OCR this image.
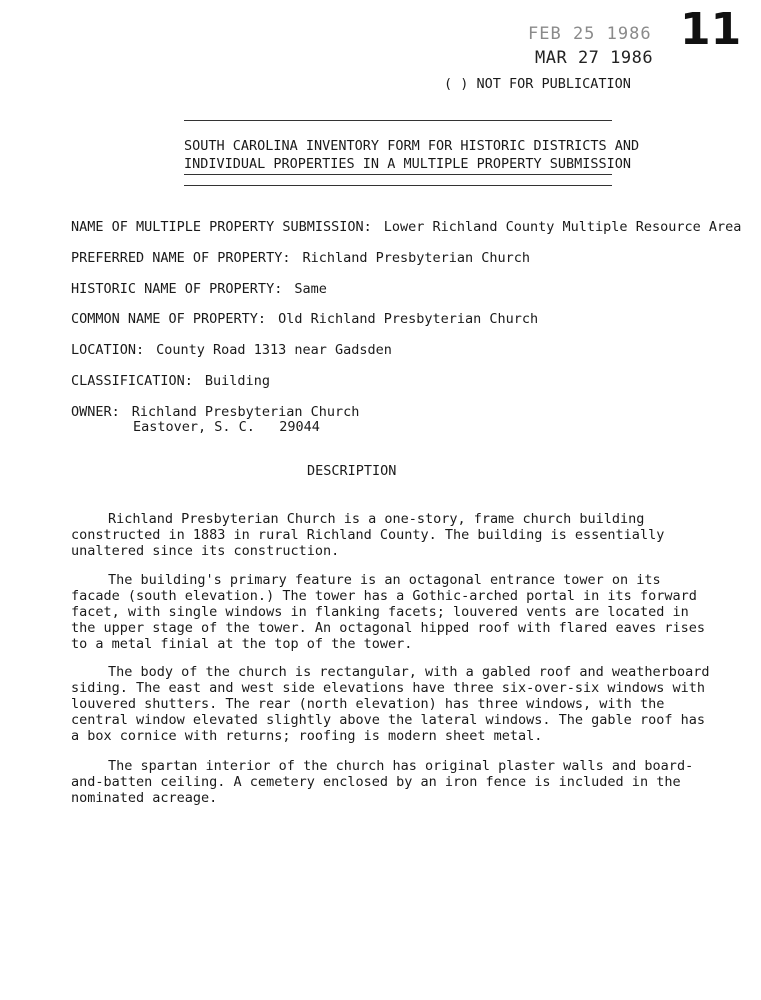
FEB 25 1986
MAR 27 1986
11
( ) NOT FOR PUBLICATION
SOUTH CAROLINA INVENTORY FORM FOR HISTORIC DISTRICTS AND
INDIVIDUAL PROPERTIES IN A MULTIPLE PROPERTY SUBMISSION
NAME OF MULTIPLE PROPERTY SUBMISSION: Lower Richland County Multiple Resource Area
PREFERRED NAME OF PROPERTY: Richland Presbyterian Church
HISTORIC NAME OF PROPERTY: Same
COMMON NAME OF PROPERTY: Old Richland Presbyterian Church
LOCATION: County Road 1313 near Gadsden
CLASSIFICATION: Building
OWNER: Richland Presbyterian Church
Eastover, S. C.   29044
DESCRIPTION

Richland Presbyterian Church is a one-story, frame church building constructed in 1883 in rural Richland County. The building is essentially unaltered since its construction.

The building's primary feature is an octagonal entrance tower on its facade (south elevation.) The tower has a Gothic-arched portal in its forward facet, with single windows in flanking facets; louvered vents are located in the upper stage of the tower. An octagonal hipped roof with flared eaves rises to a metal finial at the top of the tower.

The body of the church is rectangular, with a gabled roof and weatherboard siding. The east and west side elevations have three six-over-six windows with louvered shutters. The rear (north elevation) has three windows, with the central window elevated slightly above the lateral windows. The gable roof has a box cornice with returns; roofing is modern sheet metal.

The spartan interior of the church has original plaster walls and board-and-batten ceiling. A cemetery enclosed by an iron fence is included in the nominated acreage.
